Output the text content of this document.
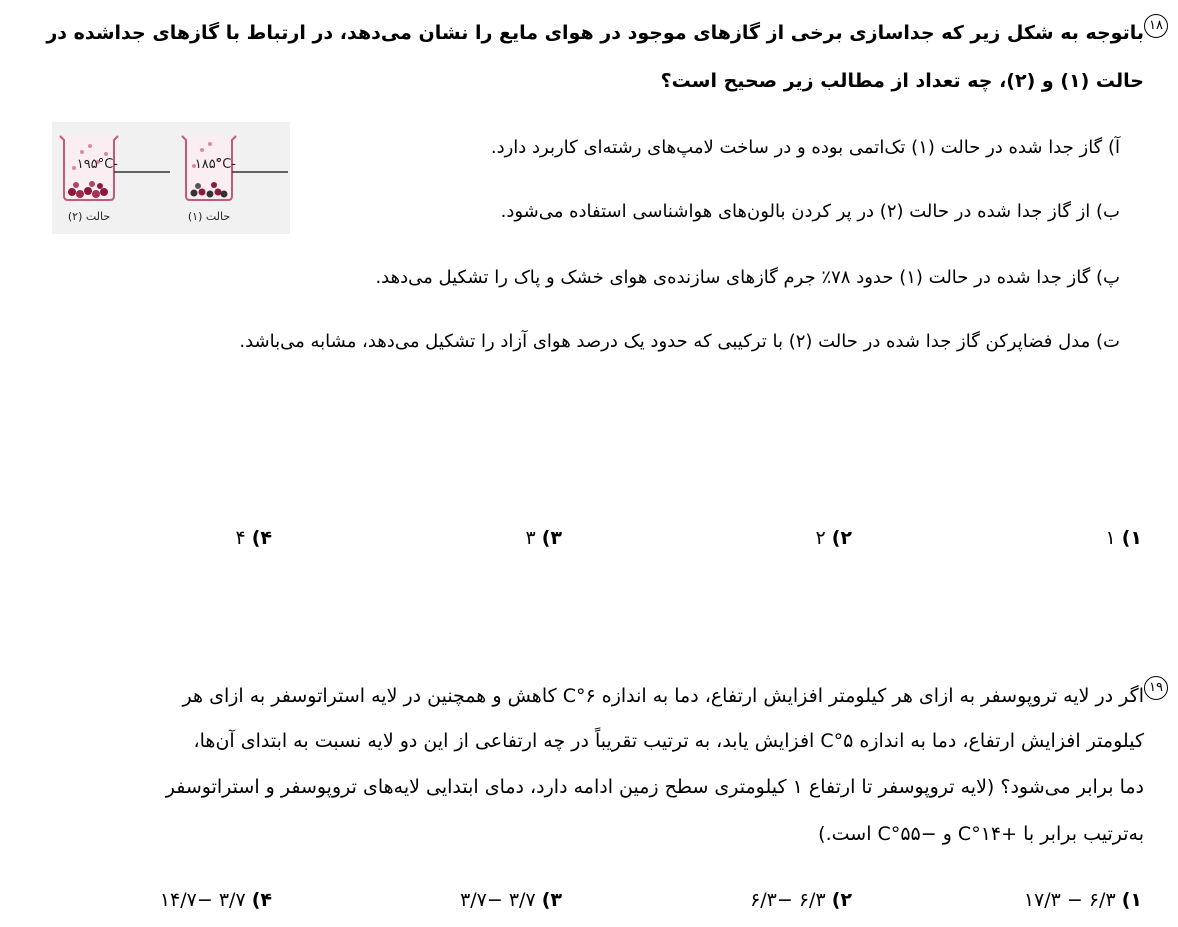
۱۸
باتوجه به شکل زیر که جداسازی برخی از گازهای موجود در هوای مایع را نشان می‌دهد، در ارتباط با گازهای جداشده در
حالت (۱) و (۲)، چه تعداد از مطالب زیر صحیح است؟
-۱۹۵°C
حالت (۲)
-۱۸۵°C
حالت (۱)
آ) گاز جدا شده در حالت (۱) تک‌اتمی بوده و در ساخت لامپ‌های رشته‌ای کاربرد دارد.
ب) از گاز جدا شده در حالت (۲) در پر کردن بالون‌های هواشناسی استفاده می‌شود.
پ) گاز جدا شده در حالت (۱) حدود ۷۸٪ جرم گازهای سازنده‌ی هوای خشک و پاک را تشکیل می‌دهد.
ت) مدل فضاپرکن گاز جدا شده در حالت (۲) با ترکیبی که حدود یک درصد هوای آزاد را تشکیل می‌دهد، مشابه می‌باشد.
۱) ۱
۲) ۲
۳) ۳
۴) ۴
۱۹
اگر در لایه تروپوسفر به ازای هر کیلومتر افزایش ارتفاع، دما به اندازه ۶°C کاهش و همچنین در لایه استراتوسفر به ازای هر
کیلومتر افزایش ارتفاع، دما به اندازه ۵°C افزایش یابد، به ترتیب تقریباً در چه ارتفاعی از این دو لایه نسبت به ابتدای آن‌ها،
دما برابر می‌شود؟ (لایه تروپوسفر تا ارتفاع ۱ کیلومتری سطح زمین ادامه دارد، دمای ابتدایی لایه‌های تروپوسفر و استراتوسفر
به‌ترتیب برابر با +۱۴°C و −۵۵°C است.)
۱) ۶/۳ − ۱۷/۳
۲) ۶/۳ −۶/۳
۳) ۳/۷ −۳/۷
۴) ۳/۷ −۱۴/۷
